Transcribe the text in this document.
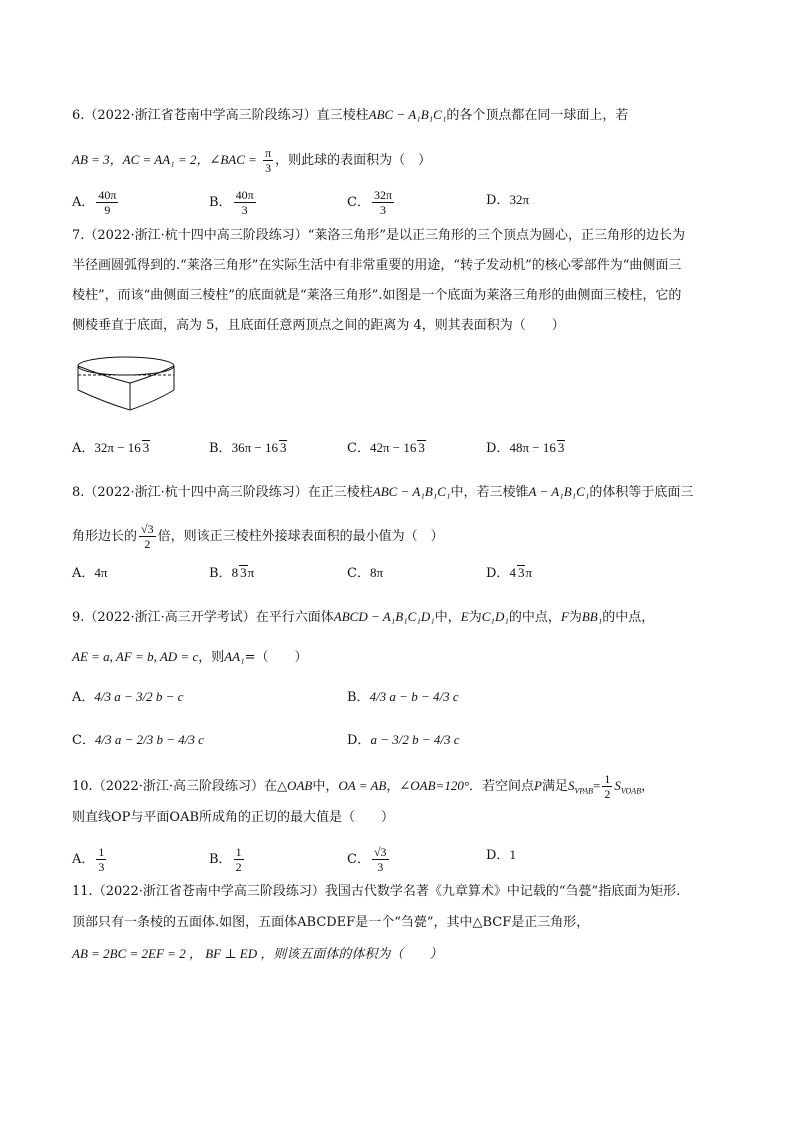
6.（2022·浙江省苍南中学高三阶段练习）直三棱柱ABC − A₁B₁C₁的各个顶点都在同一球面上，若
AB = 3，AC = AA₁ = 2，∠BAC = $\frac{\pi}{3}$ ，则此球的表面积为（　）
A． $\frac{40\pi}{9}$	B． $\frac{40\pi}{3}$	C． $\frac{32\pi}{3}$	D．32π
7.（2022·浙江·杭十四中高三阶段练习）“莱洛三角形”是以正三角形的三个顶点为圆心，正三角形的边长为
半径画圆弧得到的.“莱洛三角形”在实际生活中有非常重要的用途，“转子发动机”的核心零部件为“曲侧面三
棱柱”，而该“曲侧面三棱柱”的底面就是“莱洛三角形”.如图是一个底面为莱洛三角形的曲侧面三棱柱，它的
侧棱垂直于底面，高为 5，且底面任意两顶点之间的距离为 4，则其表面积为（　　）
A．32π − 16 3	B．36π − 16 3	C．42π − 16 3	D．48π − 16 3
8.（2022·浙江·杭十四中高三阶段练习）在正三棱柱ABC − A₁B₁C₁中，若三棱锥A − A₁B₁C₁的体积等于底面三
角形边长的 $\frac{√3}{2}$ 倍，则该正三棱柱外接球表面积的最小值为（　）
A．4π	B．8 3π	C．8π	D．4 3π
9.（2022·浙江·高三开学考试）在平行六面体ABCD − A₁B₁C₁D₁中，E为C₁D₁的中点，F为BB₁的中点，
AE = a, AF = b, AD = c，则AA₁=（　　）
A．4/3 a − 3/2 b − c	B．4/3 a − b − 4/3 c
C．4/3 a − 2/3 b − 4/3 c	D．a − 3/2 b − 4/3 c
10.（2022·浙江·高三阶段练习）在△OAB中，OA = AB，∠OAB=120°．若空间点P满足$S_{VPAB}= \frac{1}{2} S_{VOAB}$，
则直线OP与平面OAB所成角的正切的最大值是（　　）
A． $\frac{1}{3}$	B． $\frac{1}{2}$	C． $\frac{√3}{3}$	D．1
11.（2022·浙江省苍南中学高三阶段练习）我国古代数学名著《九章算术》中记载的“刍甍”指底面为矩形.
顶部只有一条棱的五面体.如图，五面体ABCDEF是一个“刍甍”，其中△BCF是正三角形，
AB = 2BC = 2EF = 2 ， BF ⊥ ED ，则该五面体的体积为（　　）
